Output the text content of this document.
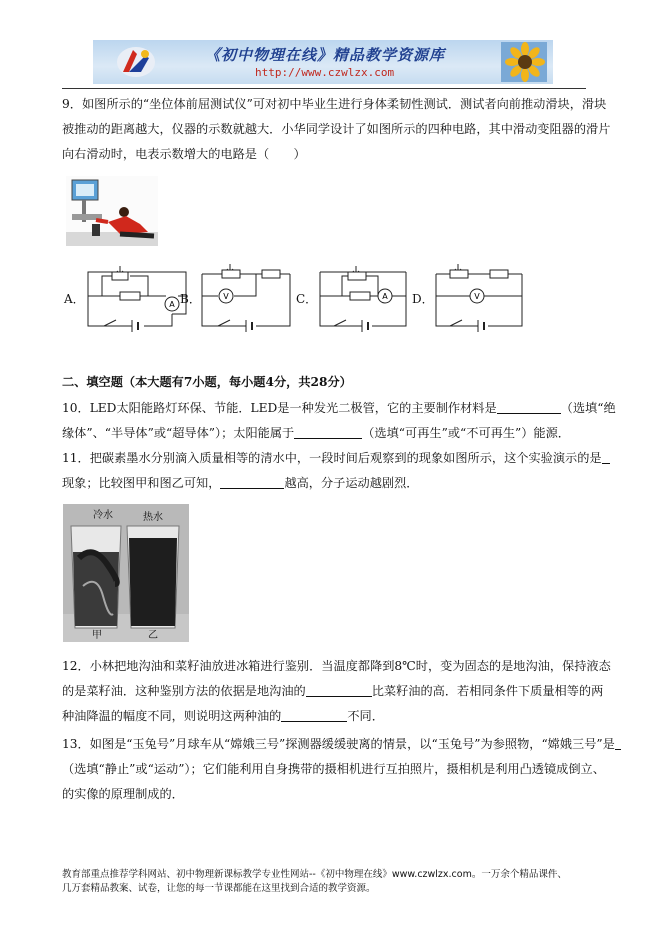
《初中物理在线》精品教学资源库
http://www.czwlzx.com
9．如图所示的“坐位体前屈测试仪”可对初中毕业生进行身体柔韧性测试．测试者向前推动滑块，滑块
被推动的距离越大，仪器的示数就越大．小华同学设计了如图所示的四种电路，其中滑动变阻器的滑片
向右滑动时，电表示数增大的电路是（　　）
A．	A B．	V	C．	A D．	V
二、填空题（本大题有7小题，每小题4分，共28分）
10．LED太阳能路灯环保、节能．LED是一种发光二极管，它的主要制作材料是	（选填“绝
缘体”、“半导体”或“超导体”）；太阳能属于	（选填“可再生”或“不可再生”）能源．
11．把碳素墨水分别滴入质量相等的清水中，一段时间后观察到的现象如图所示，这个实验演示的是
现象；比较图甲和图乙可知，	越高，分子运动越剧烈．
冷水	热水
甲	乙
12．小林把地沟油和菜籽油放进冰箱进行鉴别．当温度都降到8℃时，变为固态的是地沟油，保持液态
的是菜籽油．这种鉴别方法的依据是地沟油的	比菜籽油的高．若相同条件下质量相等的两
种油降温的幅度不同，则说明这两种油的	不同．
13．如图是“玉兔号”月球车从“嫦娥三号”探测器缓缓驶离的情景，以“玉兔号”为参照物，“嫦娥三号”是
（选填“静止”或“运动”）；它们能利用自身携带的摄相机进行互拍照片，摄相机是利用凸透镜成倒立、
的实像的原理制成的．
教育部重点推荐学科网站、初中物理新课标教学专业性网站--《初中物理在线》www.czwlzx.com。一万余个精品课件、
几万套精品教案、试卷，让您的每一节课都能在这里找到合适的教学资源。
